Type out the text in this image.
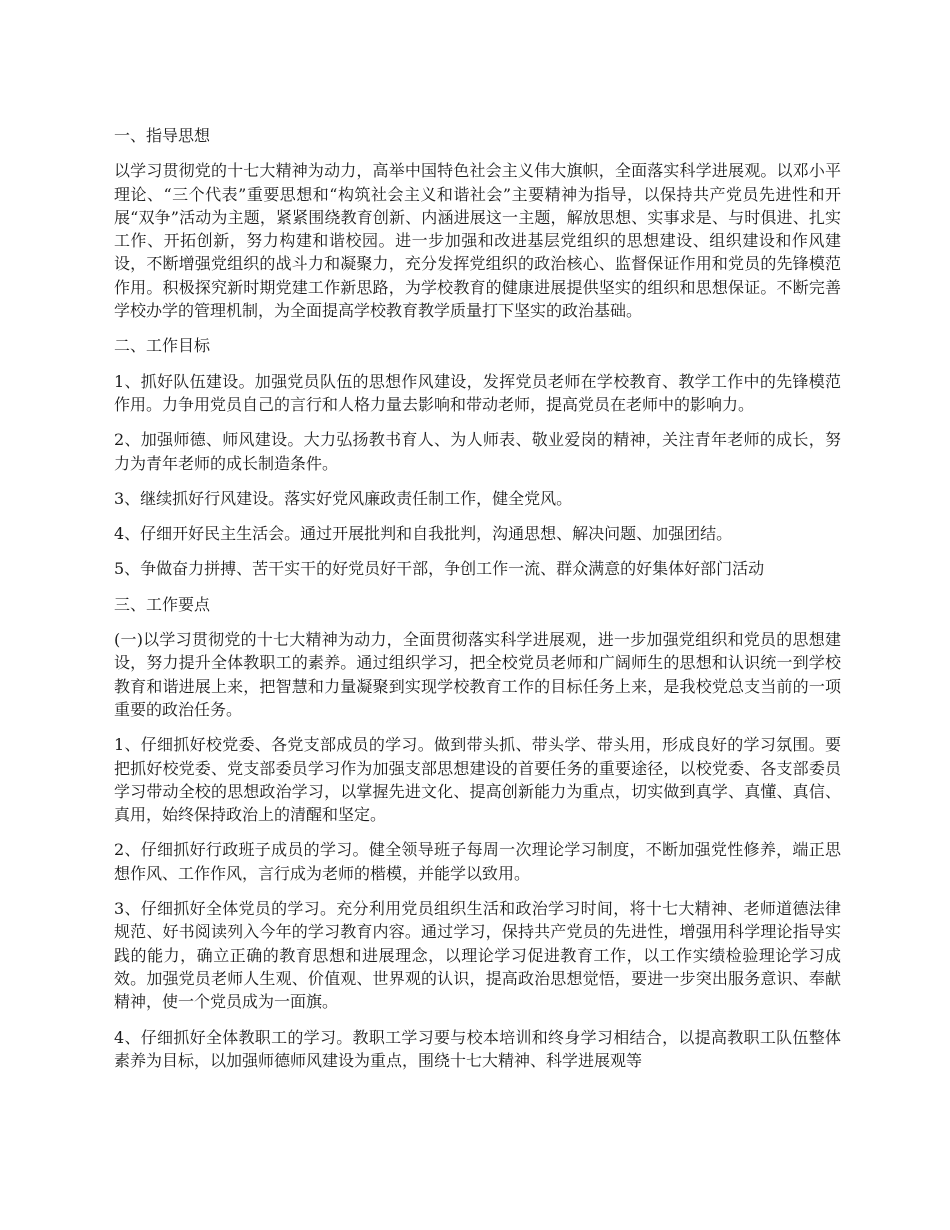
一、指导思想

以学习贯彻党的十七大精神为动力，高举中国特色社会主义伟大旗帜，全面落实科学进展观。以邓小平理论、“三个代表”重要思想和“构筑社会主义和谐社会”主要精神为指导，以保持共产党员先进性和开展“双争”活动为主题，紧紧围绕教育创新、内涵进展这一主题，解放思想、实事求是、与时俱进、扎实工作、开拓创新，努力构建和谐校园。进一步加强和改进基层党组织的思想建设、组织建设和作风建设，不断增强党组织的战斗力和凝聚力，充分发挥党组织的政治核心、监督保证作用和党员的先锋模范作用。积极探究新时期党建工作新思路，为学校教育的健康进展提供坚实的组织和思想保证。不断完善学校办学的管理机制，为全面提高学校教育教学质量打下坚实的政治基础。

二、工作目标

1、抓好队伍建设。加强党员队伍的思想作风建设，发挥党员老师在学校教育、教学工作中的先锋模范作用。力争用党员自己的言行和人格力量去影响和带动老师，提高党员在老师中的影响力。

2、加强师德、师风建设。大力弘扬教书育人、为人师表、敬业爱岗的精神，关注青年老师的成长，努力为青年老师的成长制造条件。

3、继续抓好行风建设。落实好党风廉政责任制工作，健全党风。

4、仔细开好民主生活会。通过开展批判和自我批判，沟通思想、解决问题、加强团结。

5、争做奋力拼搏、苦干实干的好党员好干部，争创工作一流、群众满意的好集体好部门活动

三、工作要点

(一)以学习贯彻党的十七大精神为动力，全面贯彻落实科学进展观，进一步加强党组织和党员的思想建设，努力提升全体教职工的素养。通过组织学习，把全校党员老师和广阔师生的思想和认识统一到学校教育和谐进展上来，把智慧和力量凝聚到实现学校教育工作的目标任务上来，是我校党总支当前的一项重要的政治任务。

1、仔细抓好校党委、各党支部成员的学习。做到带头抓、带头学、带头用，形成良好的学习氛围。要把抓好校党委、党支部委员学习作为加强支部思想建设的首要任务的重要途径，以校党委、各支部委员学习带动全校的思想政治学习，以掌握先进文化、提高创新能力为重点，切实做到真学、真懂、真信、真用，始终保持政治上的清醒和坚定。

2、仔细抓好行政班子成员的学习。健全领导班子每周一次理论学习制度，不断加强党性修养，端正思想作风、工作作风，言行成为老师的楷模，并能学以致用。

3、仔细抓好全体党员的学习。充分利用党员组织生活和政治学习时间，将十七大精神、老师道德法律规范、好书阅读列入今年的学习教育内容。通过学习，保持共产党员的先进性，增强用科学理论指导实践的能力，确立正确的教育思想和进展理念，以理论学习促进教育工作，以工作实绩检验理论学习成效。加强党员老师人生观、价值观、世界观的认识，提高政治思想觉悟，要进一步突出服务意识、奉献精神，使一个党员成为一面旗。

4、仔细抓好全体教职工的学习。教职工学习要与校本培训和终身学习相结合，以提高教职工队伍整体素养为目标，以加强师德师风建设为重点，围绕十七大精神、科学进展观等
